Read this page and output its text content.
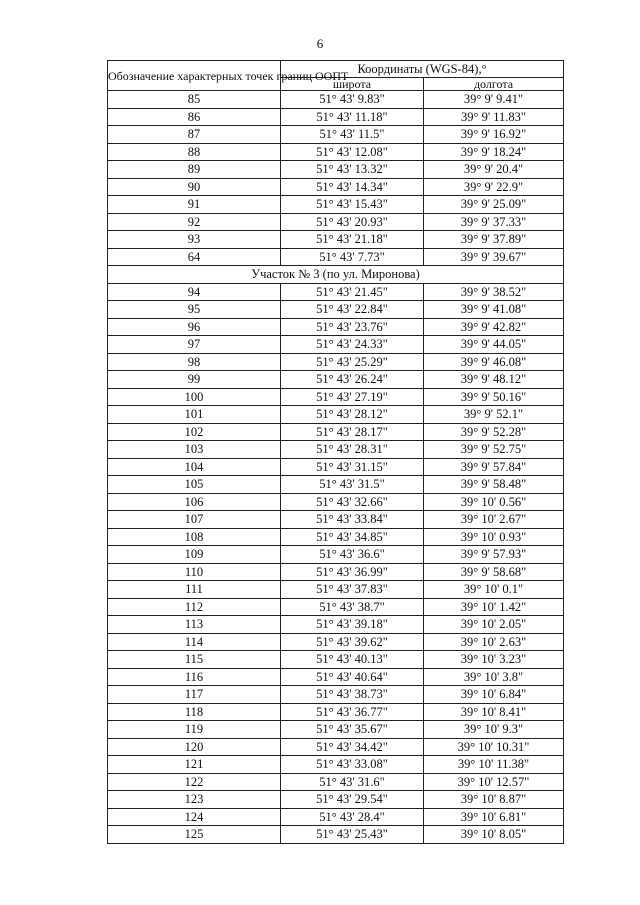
6
Обозначение характерных точек границ ООПТ	Координаты (WGS-84),°	
	широта	долгота
85	51° 43' 9.83"	39° 9' 9.41"
86	51° 43' 11.18"	39° 9' 11.83"
87	51° 43' 11.5"	39° 9' 16.92"
88	51° 43' 12.08"	39° 9' 18.24"
89	51° 43' 13.32"	39° 9' 20.4"
90	51° 43' 14.34"	39° 9' 22.9"
91	51° 43' 15.43"	39° 9' 25.09"
92	51° 43' 20.93"	39° 9' 37.33"
93	51° 43' 21.18"	39° 9' 37.89"
64	51° 43' 7.73"	39° 9' 39.67"
Участок № 3 (по ул. Миронова)		
94	51° 43' 21.45"	39° 9' 38.52"
95	51° 43' 22.84"	39° 9' 41.08"
96	51° 43' 23.76"	39° 9' 42.82"
97	51° 43' 24.33"	39° 9' 44.05"
98	51° 43' 25.29"	39° 9' 46.08"
99	51° 43' 26.24"	39° 9' 48.12"
100	51° 43' 27.19"	39° 9' 50.16"
101	51° 43' 28.12"	39° 9' 52.1"
102	51° 43' 28.17"	39° 9' 52.28"
103	51° 43' 28.31"	39° 9' 52.75"
104	51° 43' 31.15"	39° 9' 57.84"
105	51° 43' 31.5"	39° 9' 58.48"
106	51° 43' 32.66"	39° 10' 0.56"
107	51° 43' 33.84"	39° 10' 2.67"
108	51° 43' 34.85"	39° 10' 0.93"
109	51° 43' 36.6"	39° 9' 57.93"
110	51° 43' 36.99"	39° 9' 58.68"
111	51° 43' 37.83"	39° 10' 0.1"
112	51° 43' 38.7"	39° 10' 1.42"
113	51° 43' 39.18"	39° 10' 2.05"
114	51° 43' 39.62"	39° 10' 2.63"
115	51° 43' 40.13"	39° 10' 3.23"
116	51° 43' 40.64"	39° 10' 3.8"
117	51° 43' 38.73"	39° 10' 6.84"
118	51° 43' 36.77"	39° 10' 8.41"
119	51° 43' 35.67"	39° 10' 9.3"
120	51° 43' 34.42"	39° 10' 10.31"
121	51° 43' 33.08"	39° 10' 11.38"
122	51° 43' 31.6"	39° 10' 12.57"
123	51° 43' 29.54"	39° 10' 8.87"
124	51° 43' 28.4"	39° 10' 6.81"
125	51° 43' 25.43"	39° 10' 8.05"
